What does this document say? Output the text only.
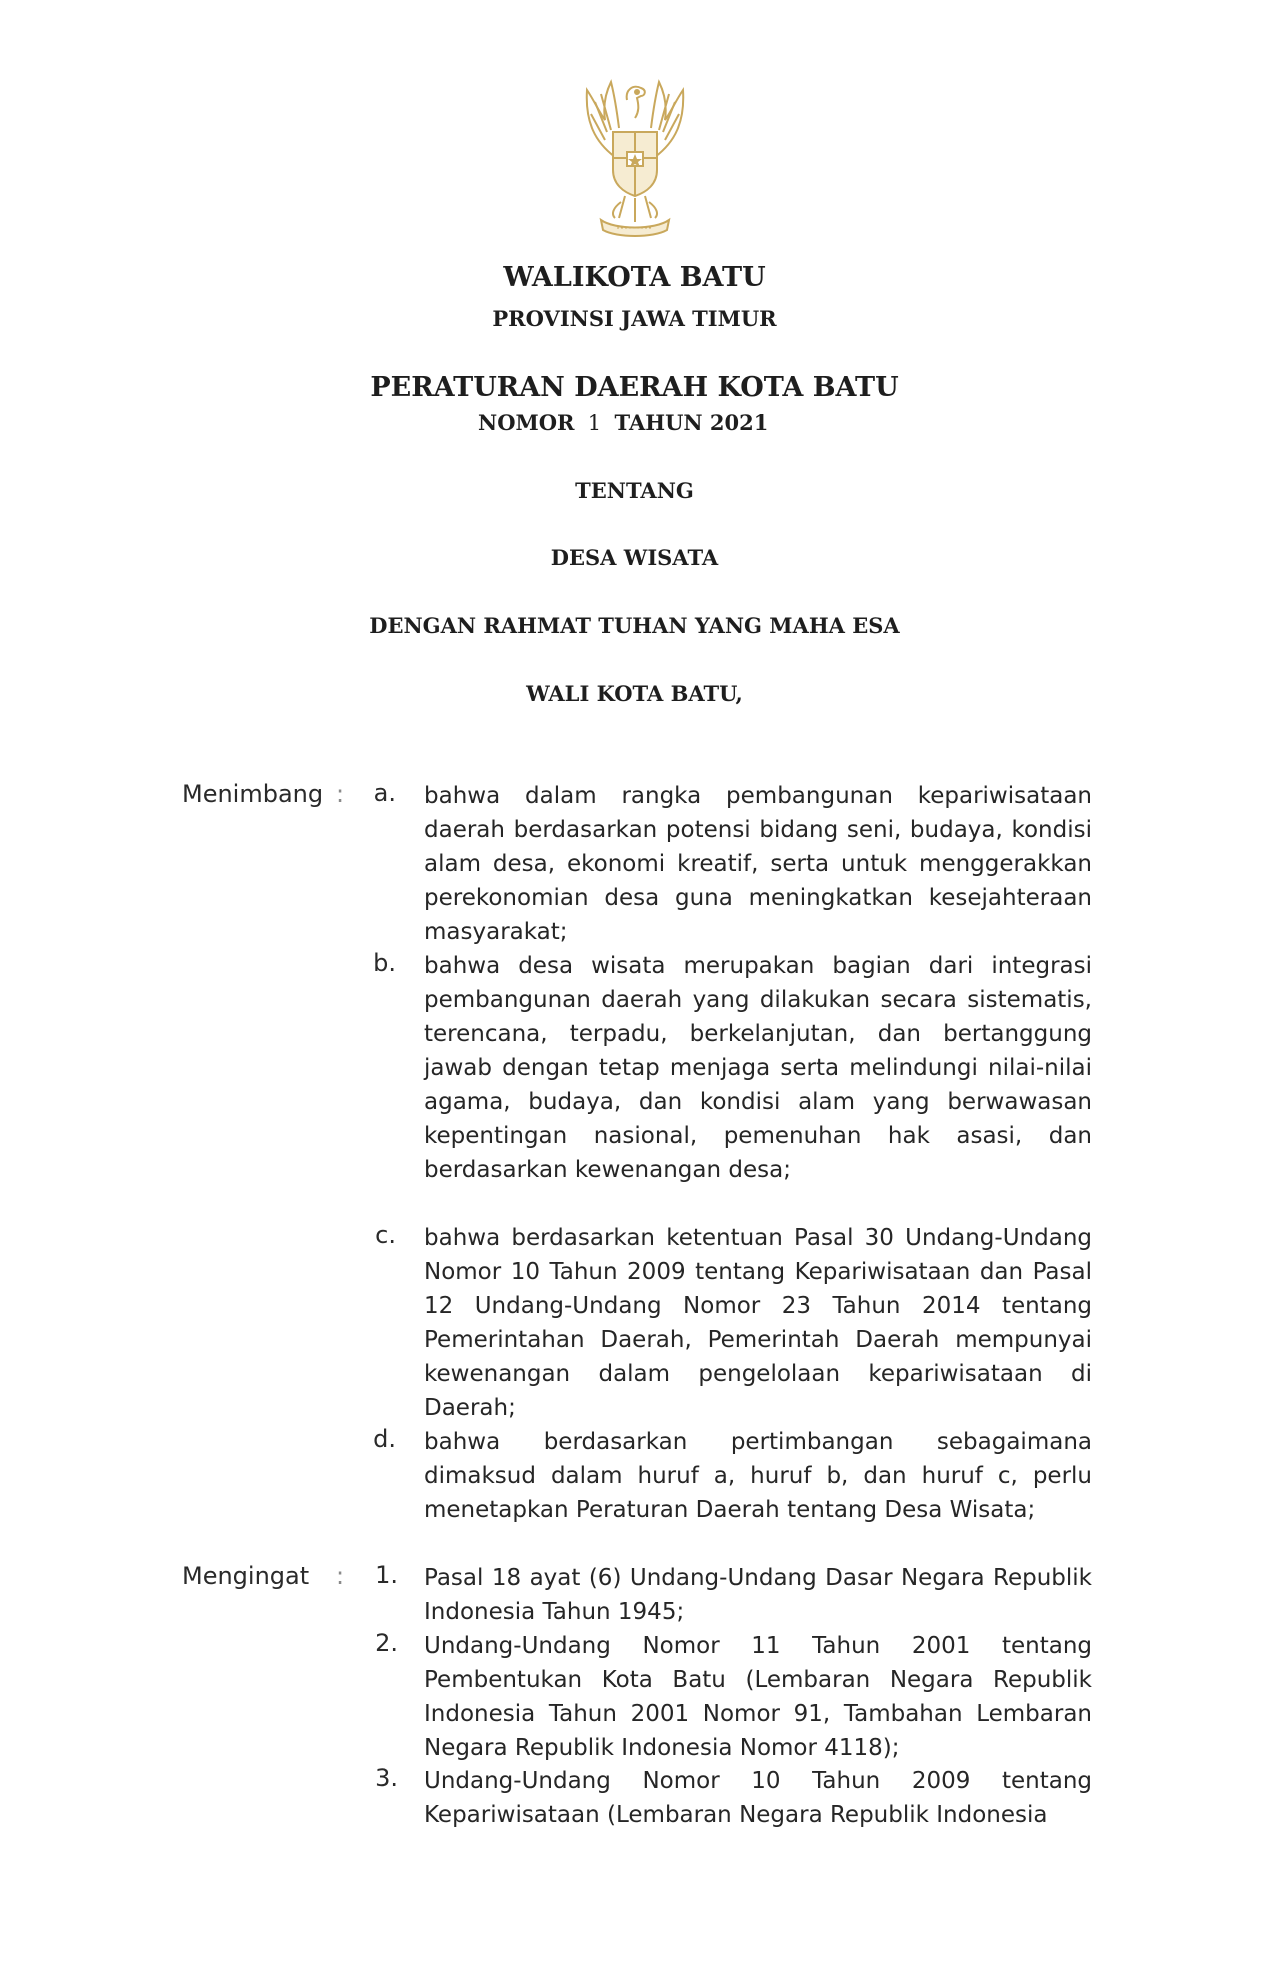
WALIKOTA BATU
PROVINSI JAWA TIMUR
PERATURAN DAERAH KOTA BATU
NOMOR 1 TAHUN 2021
TENTANG
DESA WISATA
DENGAN RAHMAT TUHAN YANG MAHA ESA
WALI KOTA BATU,
Menimbang :	a. bahwa dalam rangka pembangunan kepariwisataan daerah berdasarkan potensi bidang seni, budaya, kondisi alam desa, ekonomi kreatif, serta untuk menggerakkan perekonomian desa guna meningkatkan kesejahteraan masyarakat;

b. bahwa desa wisata merupakan bagian dari integrasi pembangunan daerah yang dilakukan secara sistematis, terencana, terpadu, berkelanjutan, dan bertanggung jawab dengan tetap menjaga serta melindungi nilai-nilai agama, budaya, dan kondisi alam yang berwawasan kepentingan nasional, pemenuhan hak asasi, dan berdasarkan kewenangan desa;

c. bahwa berdasarkan ketentuan Pasal 30 Undang-Undang Nomor 10 Tahun 2009 tentang Kepariwisataan dan Pasal 12 Undang-Undang Nomor 23 Tahun 2014 tentang Pemerintahan Daerah, Pemerintah Daerah mempunyai kewenangan dalam pengelolaan kepariwisataan di Daerah;

d. bahwa berdasarkan pertimbangan sebagaimana dimaksud dalam huruf a, huruf b, dan huruf c, perlu menetapkan Peraturan Daerah tentang Desa Wisata;

Mengingat :	1. Pasal 18 ayat (6) Undang-Undang Dasar Negara Republik Indonesia Tahun 1945;

2. Undang-Undang Nomor 11 Tahun 2001 tentang Pembentukan Kota Batu (Lembaran Negara Republik Indonesia Tahun 2001 Nomor 91, Tambahan Lembaran Negara Republik Indonesia Nomor 4118);

3. Undang-Undang Nomor 10 Tahun 2009 tentang Kepariwisataan (Lembaran Negara Republik Indonesia
